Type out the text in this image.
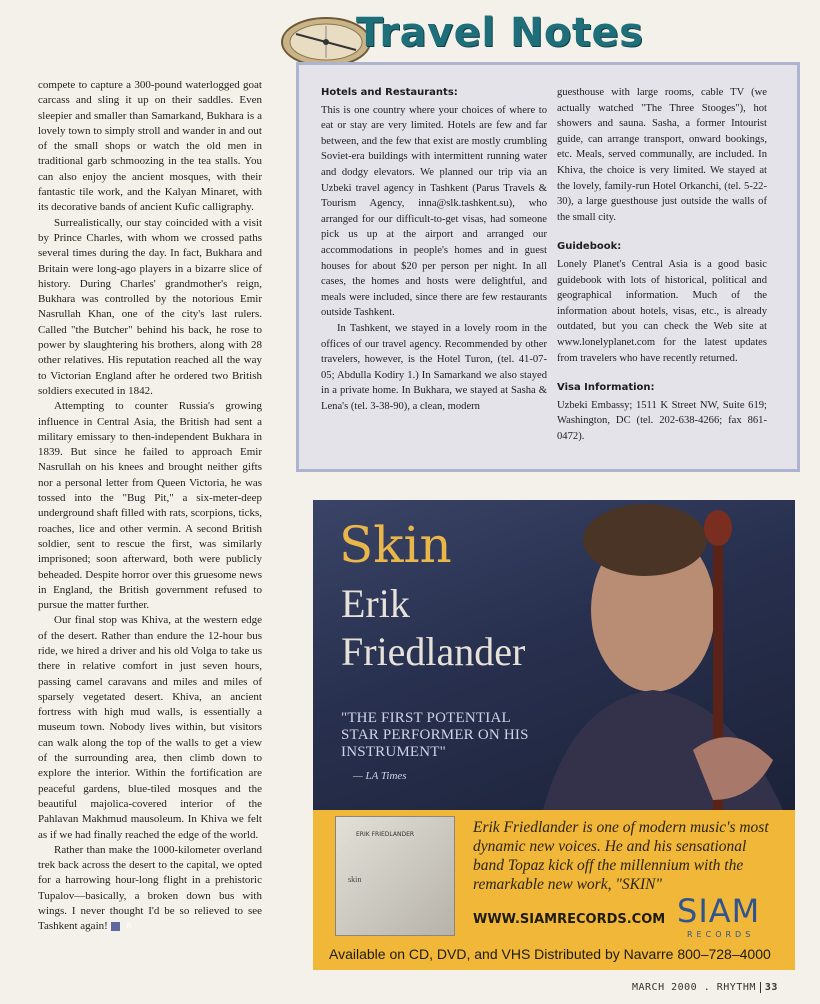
Travel Notes

compete to capture a 300-pound waterlogged goat carcass and sling it up on their saddles. Even sleepier and smaller than Samarkand, Bukhara is a lovely town to simply stroll and wander in and out of the small shops or watch the old men in traditional garb schmoozing in the tea stalls. You can also enjoy the ancient mosques, with their fantastic tile work, and the Kalyan Minaret, with its decorative bands of ancient Kufic calligraphy.

Surrealistically, our stay coincided with a visit by Prince Charles, with whom we crossed paths several times during the day. In fact, Bukhara and Britain were long-ago players in a bizarre slice of history. During Charles' grandmother's reign, Bukhara was controlled by the notorious Emir Nasrullah Khan, one of the city's last rulers. Called "the Butcher" behind his back, he rose to power by slaughtering his brothers, along with 28 other relatives. His reputation reached all the way to Victorian England after he ordered two British soldiers executed in 1842.

Attempting to counter Russia's growing influence in Central Asia, the British had sent a military emissary to then-independent Bukhara in 1839. But since he failed to approach Emir Nasrullah on his knees and brought neither gifts nor a personal letter from Queen Victoria, he was tossed into the "Bug Pit," a six-meter-deep underground shaft filled with rats, scorpions, ticks, roaches, lice and other vermin. A second British soldier, sent to rescue the first, was similarly imprisoned; soon afterward, both were publicly beheaded. Despite horror over this gruesome news in England, the British government refused to pursue the matter further.

Our final stop was Khiva, at the western edge of the desert. Rather than endure the 12-hour bus ride, we hired a driver and his old Volga to take us there in relative comfort in just seven hours, passing camel caravans and miles and miles of sparsely vegetated desert. Khiva, an ancient fortress with high mud walls, is essentially a museum town. Nobody lives within, but visitors can walk along the top of the walls to get a view of the surrounding area, then climb down to explore the interior. Within the fortification are peaceful gardens, blue-tiled mosques and the beautiful majolica-covered interior of the Pahlavan Makhmud mausoleum. In Khiva we felt as if we had finally reached the edge of the world.

Rather than make the 1000-kilometer overland trek back across the desert to the capital, we opted for a harrowing hour-long flight in a prehistoric Tupalov—basically, a broken down bus with wings. I never thought I'd be so relieved to see Tashkent again!	R

Hotels and Restaurants:

This is one country where your choices of where to eat or stay are very limited. Hotels are few and far between, and the few that exist are mostly crumbling Soviet-era buildings with intermittent running water and dodgy elevators. We planned our trip via an Uzbeki travel agency in Tashkent (Parus Travels & Tourism Agency, inna@slk.tashkent.su), who arranged for our difficult-to-get visas, had someone pick us up at the airport and arranged our accommodations in people's homes and in guest houses for about $20 per person per night. In all cases, the homes and hosts were delightful, and meals were included, since there are few restaurants outside Tashkent.

In Tashkent, we stayed in a lovely room in the offices of our travel agency. Recommended by other travelers, however, is the Hotel Turon, (tel. 41-07-05; Abdulla Kodiry 1.) In Samarkand we also stayed in a private home. In Bukhara, we stayed at Sasha & Lena's (tel. 3-38-90), a clean, modern

guesthouse with large rooms, cable TV (we actually watched "The Three Stooges"), hot showers and sauna. Sasha, a former Intourist guide, can arrange transport, onward bookings, etc. Meals, served communally, are included. In Khiva, the choice is very limited. We stayed at the lovely, family-run Hotel Orkanchi, (tel. 5-22-30), a large guesthouse just outside the walls of the small city.

Guidebook:

Lonely Planet's Central Asia is a good basic guidebook with lots of historical, political and geographical information. Much of the information about hotels, visas, etc., is already outdated, but you can check the Web site at www.lonelyplanet.com for the latest updates from travelers who have recently returned.

Visa Information:

Uzbeki Embassy; 1511 K Street NW, Suite 619; Washington, DC (tel. 202-638-4266; fax 861-0472).

Skin
Erik
Friedlander
"THE FIRST POTENTIAL STAR PERFORMER ON HIS INSTRUMENT"
— LA Times
ERIK FRIEDLANDER
skin
Erik Friedlander is one of modern music's most dynamic new voices. He and his sensational band Topaz kick off the millennium with the remarkable new work, "SKIN"
WWW.SIAMRECORDS.COM SIAM
RECORDS
Available on CD, DVD, and VHS Distributed by Navarre 800–728–4000
MARCH 2000 . RHYTHM 33
